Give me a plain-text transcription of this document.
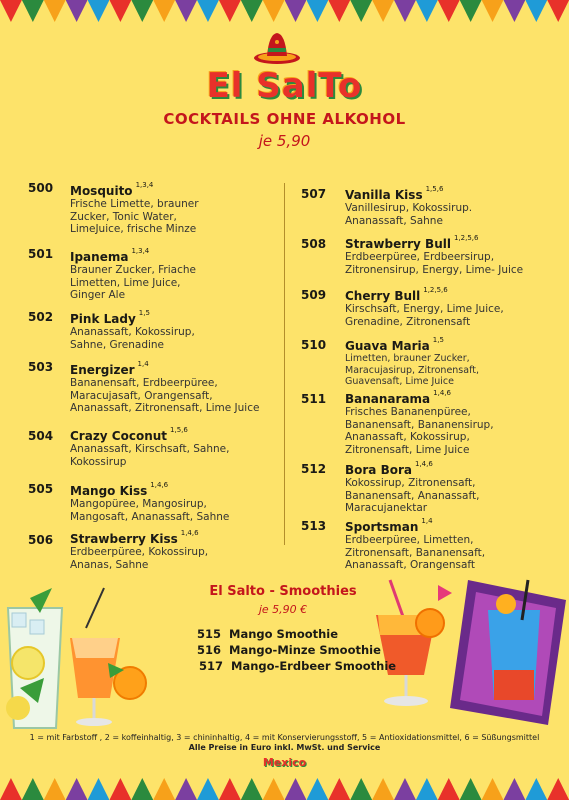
El SalTo
COCKTAILS OHNE ALKOHOL
je 5,90
500 Mosquito $^{1,3,4}$
Frische Limette, brauner
Zucker, Tonic Water,
LimeJuice, frische Minze
501 Ipanema $^{1,3,4}$
Brauner Zucker, Friache
Limetten, Lime Juice,
Ginger Ale
502 Pink Lady $^{1,5}$
Ananassaft, Kokossirup,
Sahne, Grenadine
503 Energizer $^{1,4}$
Bananensaft, Erdbeerpüree,
Maracujasaft, Orangensaft,
Ananassaft, Zitronensaft, Lime Juice
504 Crazy Coconut $^{1,5,6}$
Ananassaft, Kirschsaft, Sahne,
Kokossirup
505 Mango Kiss $^{1,4,6}$
Mangopüree, Mangosirup,
Mangosaft, Ananassaft, Sahne
506 Strawberry Kiss $^{1,4,6}$
Erdbeerpüree, Kokossirup,
Ananas, Sahne
507 Vanilla Kiss $^{1,5,6}$
Vanillesirup, Kokossirup.
Ananassaft, Sahne
508 Strawberry Bull $^{1,2,5,6}$
Erdbeerpüree, Erdbeersirup,
Zitronensirup, Energy, Lime- Juice
509 Cherry Bull $^{1,2,5,6}$
Kirschsaft, Energy, Lime Juice,
Grenadine, Zitronensaft
510 Guava Maria $^{1,5}$
Limetten, brauner Zucker,
Maracujasirup, Zitronensaft,
Guavensaft, Lime Juice
511 Bananarama $^{1,4,6}$
Frisches Bananenpüree,
Bananensaft, Bananensirup,
Ananassaft, Kokossirup,
Zitronensaft, Lime Juice
512 Bora Bora $^{1,4,6}$
Kokossirup, Zitronensaft,
Bananensaft, Ananassaft,
Maracujanektar
513 Sportsman $^{1,4}$
Erdbeerpüree, Limetten,
Zitronensaft, Bananensaft,
Ananassaft, Orangensaft
El Salto - Smoothies
je 5,90 €
515 Mango Smoothie
516 Mango-Minze Smoothie
517 Mango-Erdbeer Smoothie
1 = mit Farbstoff , 2 = koffeinhaltig, 3 = chininhaltig, 4 = mit Konservierungsstoff, 5 = Antioxidationsmittel, 6 = Süßungsmittel
Alle Preise in Euro inkl. MwSt. und Service
Mexico
